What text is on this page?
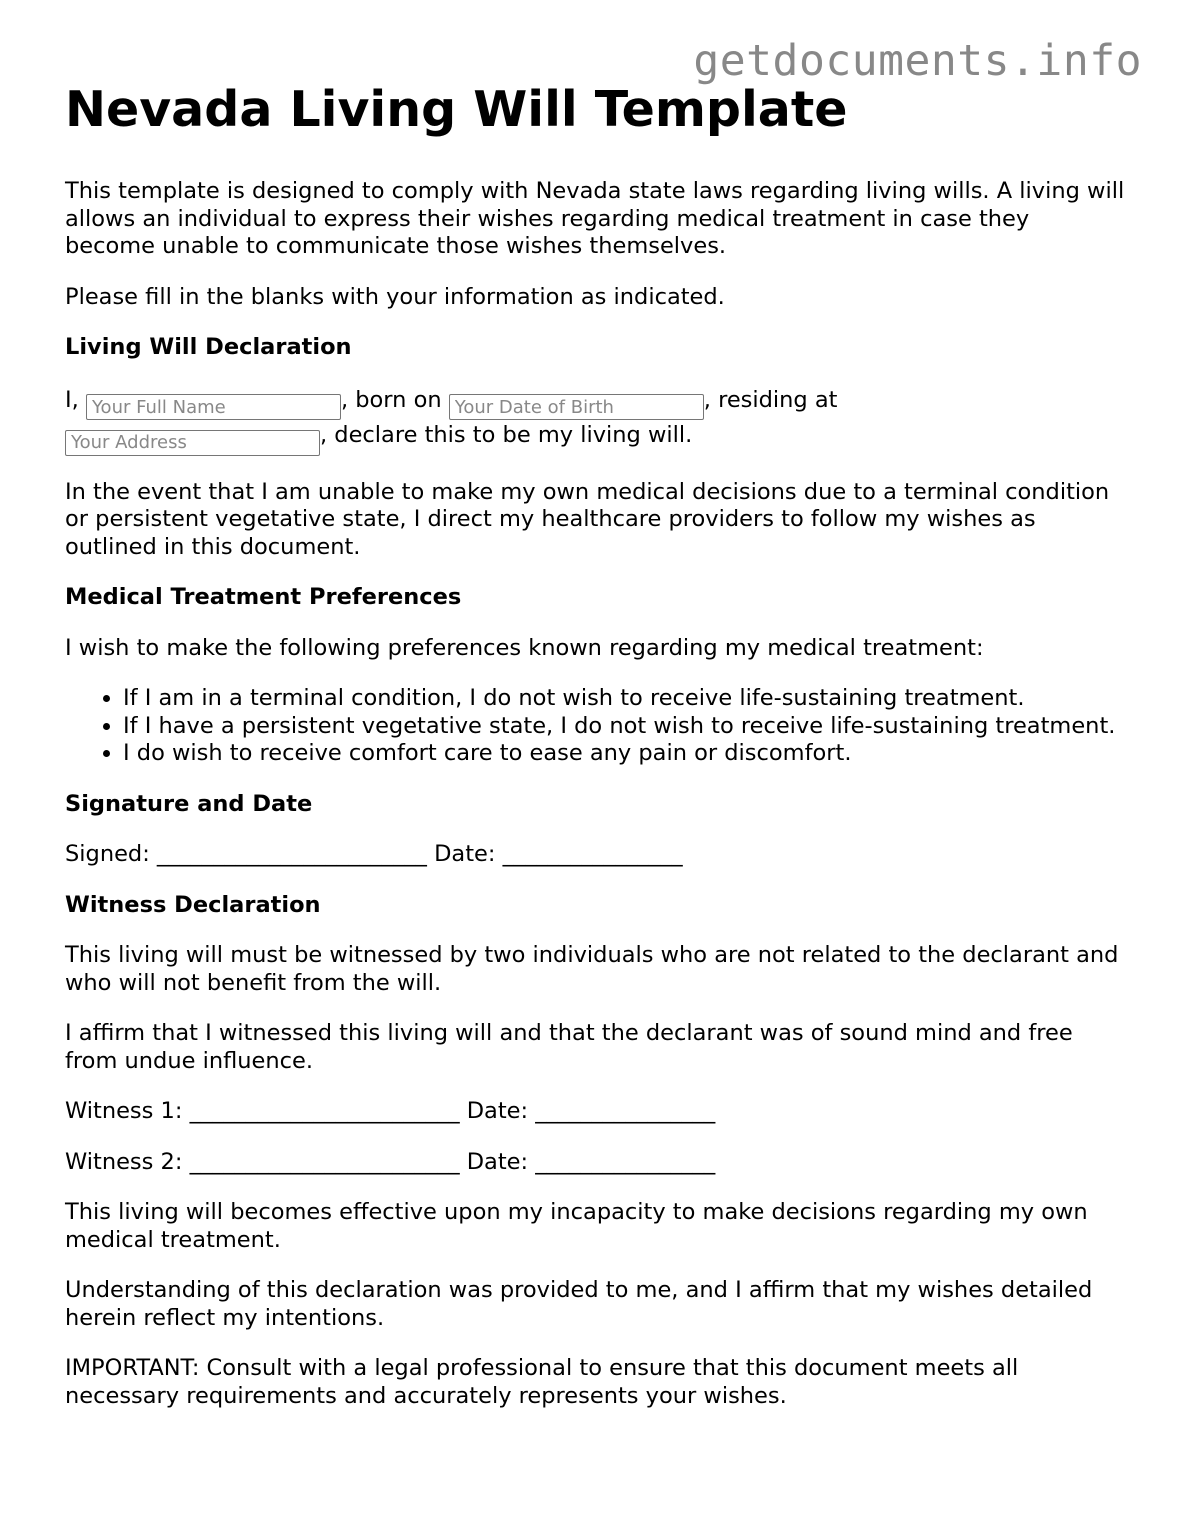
getdocuments.info
Nevada Living Will Template

This template is designed to comply with Nevada state laws regarding living wills. A living will allows an individual to express their wishes regarding medical treatment in case they become unable to communicate those wishes themselves.

Please fill in the blanks with your information as indicated.

Living Will Declaration

I, Your Full Name	, born on Your Date of Birth	, residing at
Your Address, declare this to be my living will.

In the event that I am unable to make my own medical decisions due to a terminal condition or persistent vegetative state, I direct my healthcare providers to follow my wishes as outlined in this document.

Medical Treatment Preferences

I wish to make the following preferences known regarding my medical treatment:

• If I am in a terminal condition, I do not wish to receive life-sustaining treatment.
• If I have a persistent vegetative state, I do not wish to receive life-sustaining treatment.
• I do wish to receive comfort care to ease any pain or discomfort.
Signature and Date

Signed: ________________________ Date: ________________

Witness Declaration

This living will must be witnessed by two individuals who are not related to the declarant and who will not benefit from the will.

I affirm that I witnessed this living will and that the declarant was of sound mind and free from undue influence.

Witness 1: ________________________ Date: ________________

Witness 2: ________________________ Date: ________________

This living will becomes effective upon my incapacity to make decisions regarding my own medical treatment.

Understanding of this declaration was provided to me, and I affirm that my wishes detailed herein reflect my intentions.

IMPORTANT: Consult with a legal professional to ensure that this document meets all necessary requirements and accurately represents your wishes.
